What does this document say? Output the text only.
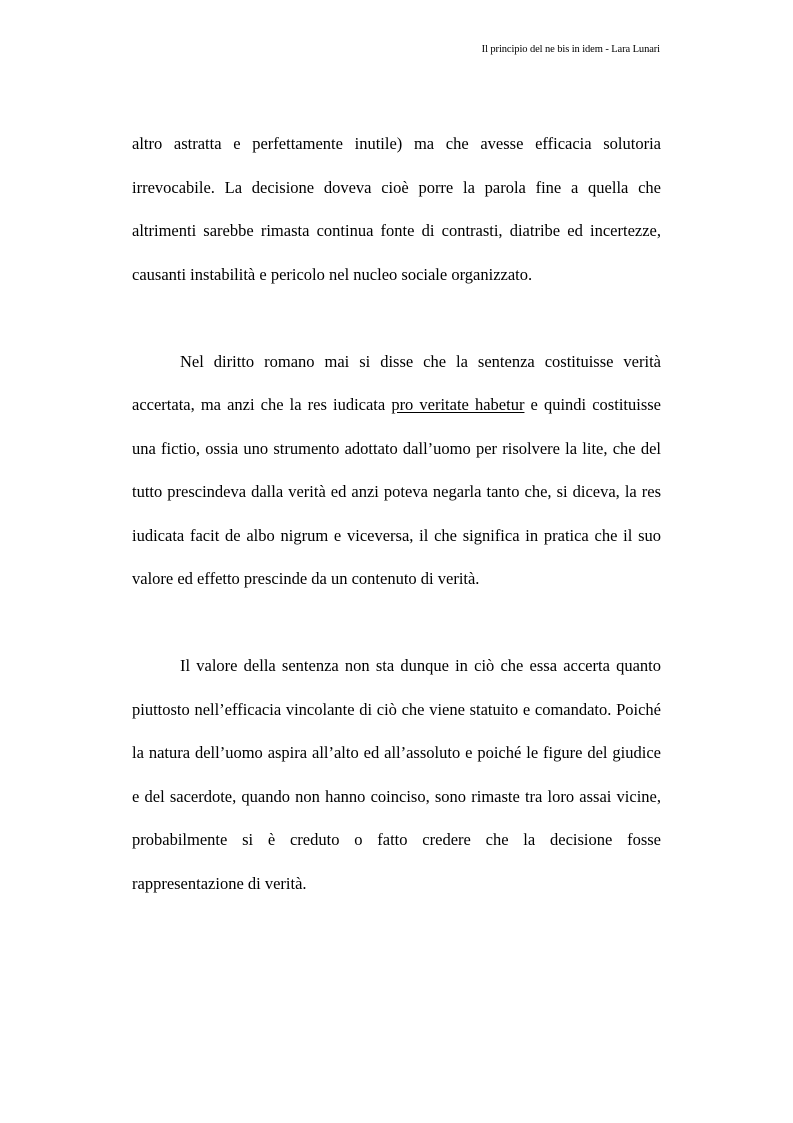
Il principio del ne bis in idem - Lara Lunari

altro astratta e perfettamente inutile) ma che avesse efficacia solutoria irrevocabile. La decisione doveva cioè porre la parola fine a quella che altrimenti sarebbe rimasta continua fonte di contrasti, diatribe ed incertezze, causanti instabilità e pericolo nel nucleo sociale organizzato.

Nel diritto romano mai si disse che la sentenza costituisse verità accertata, ma anzi che la res iudicata pro veritate habetur e quindi costituisse una fictio, ossia uno strumento adottato dall’uomo per risolvere la lite, che del tutto prescindeva dalla verità ed anzi poteva negarla tanto che, si diceva, la res iudicata facit de albo nigrum e viceversa, il che significa in pratica che il suo valore ed effetto prescinde da un contenuto di verità.

Il valore della sentenza non sta dunque in ciò che essa accerta quanto piuttosto nell’efficacia vincolante di ciò che viene statuito e comandato. Poiché la natura dell’uomo aspira all’alto ed all’assoluto e poiché le figure del giudice e del sacerdote, quando non hanno coinciso, sono rimaste tra loro assai vicine, probabilmente si è creduto o fatto credere che la decisione fosse rappresentazione di verità.
